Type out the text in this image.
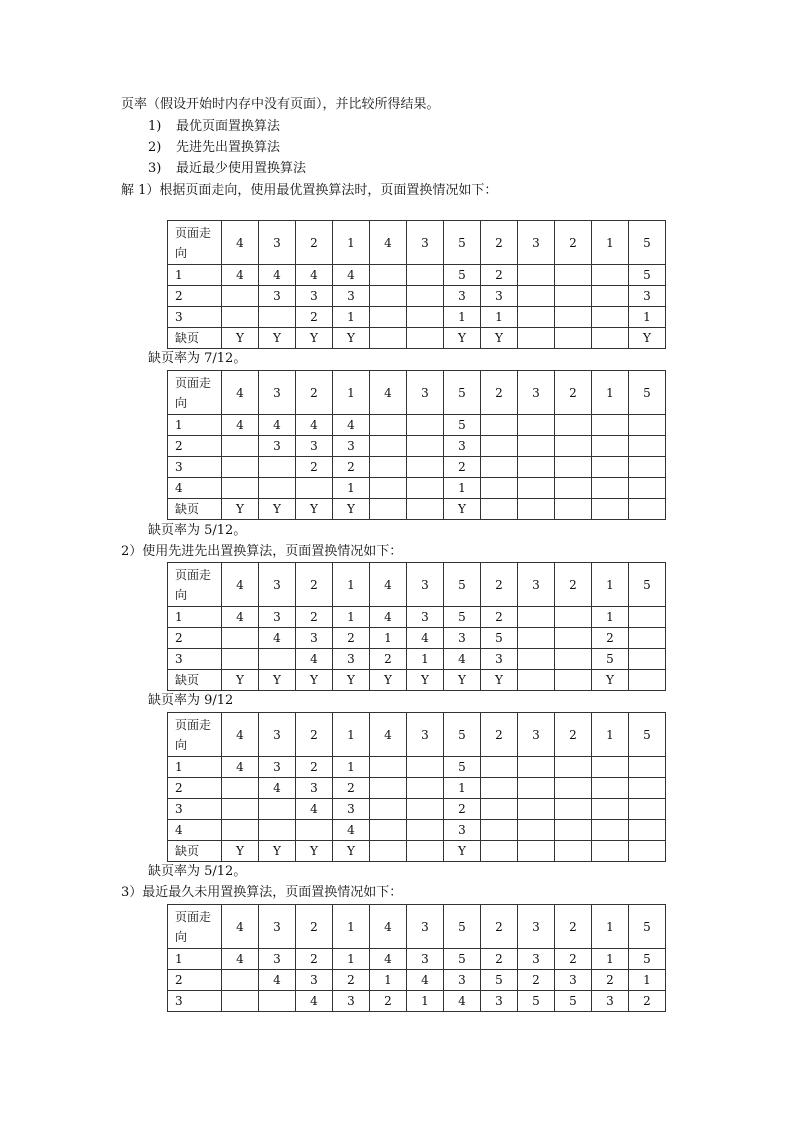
页率（假设开始时内存中没有页面），并比较所得结果。
1) 最优页面置换算法
2) 先进先出置换算法
3) 最近最少使用置换算法
解 1）根据页面走向，使用最优置换算法时，页面置换情况如下：
页面走向	4	3	2	1	4	3	5	2	3	2	1	5
1	4	4	4	4			5	2				5
2		3	3	3			3	3				3
3			2	1			1	1				1
缺页	Y	Y	Y	Y			Y	Y				Y
缺页率为 7/12。
页面走向	4	3	2	1	4	3	5	2	3	2	1	5
1	4	4	4	4			5					
2		3	3	3			3					
3			2	2			2					
4				1			1					
缺页	Y	Y	Y	Y			Y					
缺页率为 5/12。
2）使用先进先出置换算法，页面置换情况如下：
页面走向	4	3	2	1	4	3	5	2	3	2	1	5
1	4	3	2	1	4	3	5	2			1	
2		4	3	2	1	4	3	5			2	
3			4	3	2	1	4	3			5	
缺页	Y	Y	Y	Y	Y	Y	Y	Y			Y	
缺页率为 9/12
页面走向	4	3	2	1	4	3	5	2	3	2	1	5
1	4	3	2	1			5					
2		4	3	2			1					
3			4	3			2					
4				4			3					
缺页	Y	Y	Y	Y			Y					
缺页率为 5/12。
3）最近最久未用置换算法，页面置换情况如下：
页面走向	4	3	2	1	4	3	5	2	3	2	1	5
1	4	3	2	1	4	3	5	2	3	2	1	5
2		4	3	2	1	4	3	5	2	3	2	1
3			4	3	2	1	4	3	5	5	3	2
